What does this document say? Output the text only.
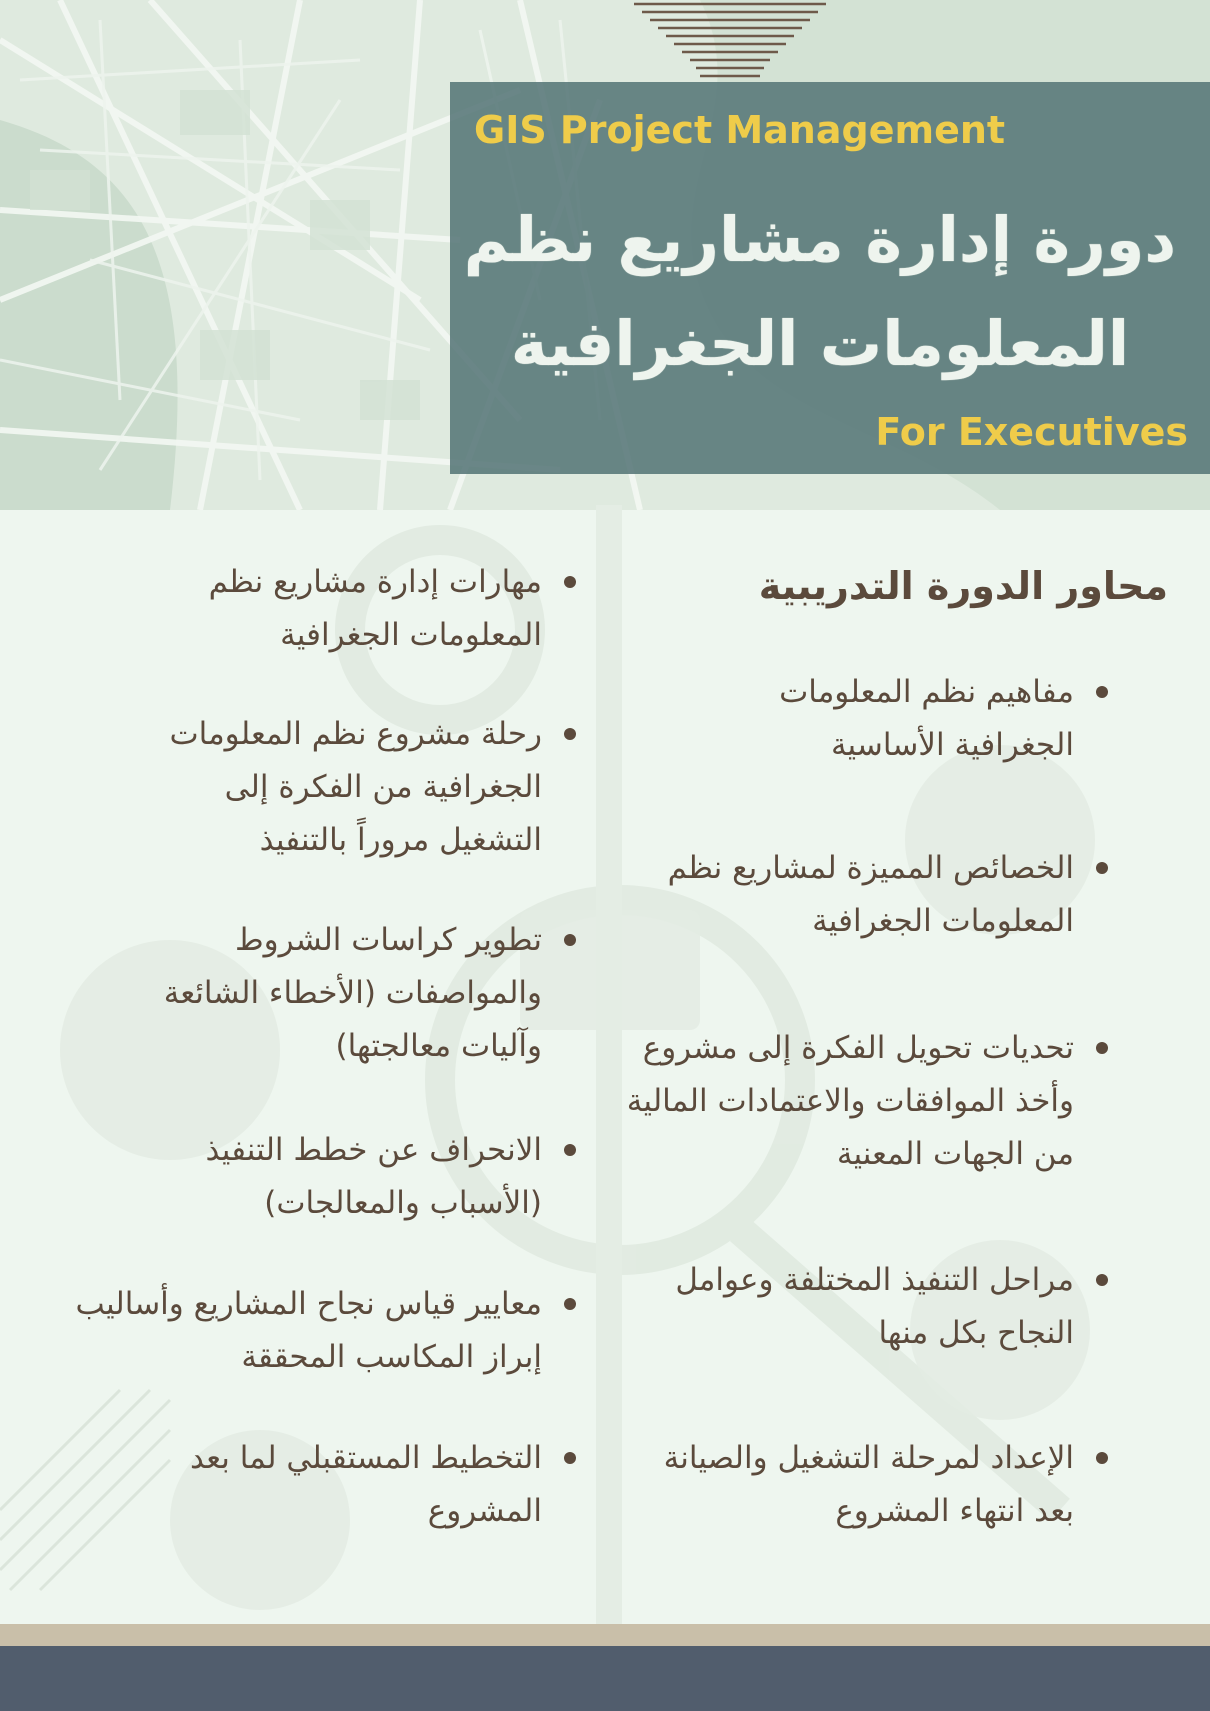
GIS Project Management
دورة إدارة مشاريع نظم
المعلومات الجغرافية
For Executives
محاور الدورة التدريبية
مفاهيم نظم المعلومات الجغرافية الأساسية
الخصائص المميزة لمشاريع نظم المعلومات الجغرافية
تحديات تحويل الفكرة إلى مشروع وأخذ الموافقات والاعتمادات المالية من الجهات المعنية
مراحل التنفيذ المختلفة وعوامل النجاح بكل منها
الإعداد لمرحلة التشغيل والصيانة بعد انتهاء المشروع
مهارات إدارة مشاريع نظم المعلومات الجغرافية
رحلة مشروع نظم المعلومات الجغرافية من الفكرة إلى التشغيل مروراً بالتنفيذ
تطوير كراسات الشروط والمواصفات (الأخطاء الشائعة وآليات معالجتها)
الانحراف عن خطط التنفيذ (الأسباب والمعالجات)
معايير قياس نجاح المشاريع وأساليب إبراز المكاسب المحققة
التخطيط المستقبلي لما بعد المشروع
